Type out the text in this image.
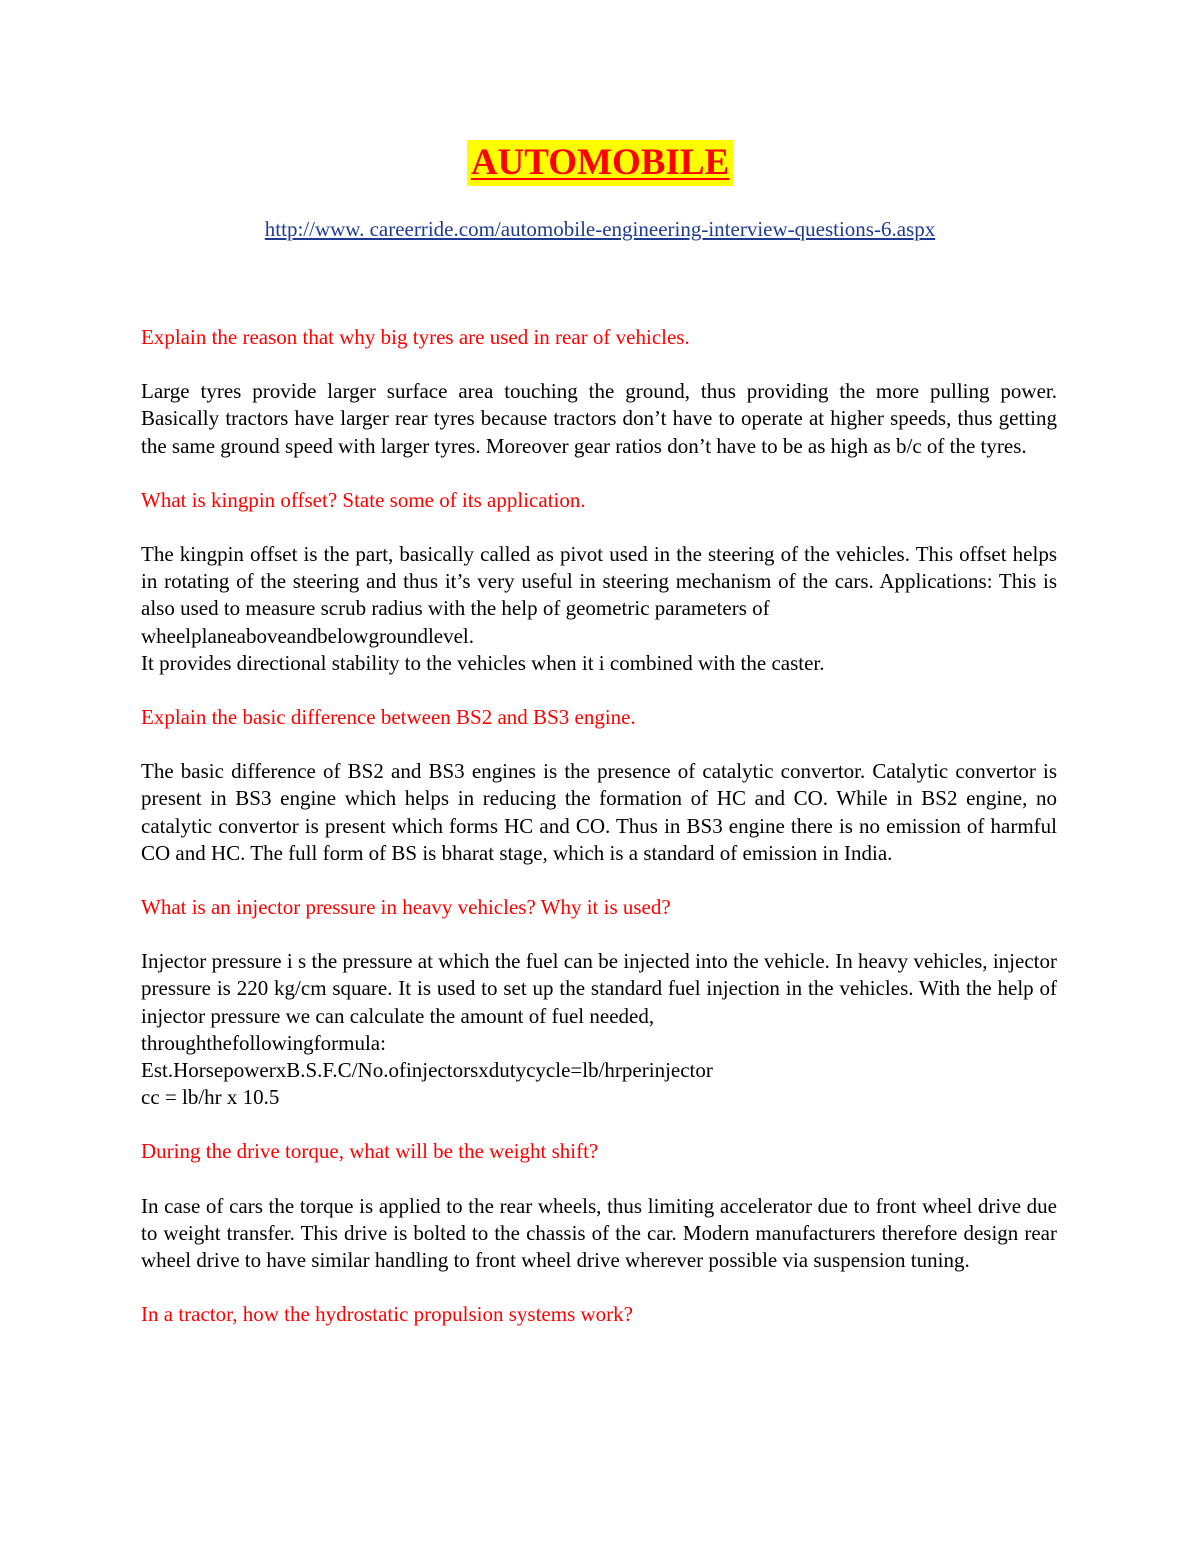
AUTOMOBILE
http://www. careerride.com/automobile-engineering-interview-questions-6.aspx
Explain the reason that why big tyres are used in rear of vehicles.
Large tyres provide larger surface area touching the ground, thus providing the more pulling power. Basically tractors have larger rear tyres because tractors don’t have to operate at higher speeds, thus getting the same ground speed with larger tyres. Moreover gear ratios don’t have to be as high as b/c of the tyres.
What is kingpin offset? State some of its application.
The kingpin offset is the part, basically called as pivot used in the steering of the vehicles. This offset helps in rotating of the steering and thus it’s very useful in steering mechanism of the cars. Applications: This is also used to measure scrub radius with the help of geometric parameters of
wheelplaneaboveandbelowgroundlevel.
It provides directional stability to the vehicles when it i combined with the caster.
Explain the basic difference between BS2 and BS3 engine.
The basic difference of BS2 and BS3 engines is the presence of catalytic convertor. Catalytic convertor is present in BS3 engine which helps in reducing the formation of HC and CO. While in BS2 engine, no catalytic convertor is present which forms HC and CO. Thus in BS3 engine there is no emission of harmful CO and HC. The full form of BS is bharat stage, which is a standard of emission in India.
What is an injector pressure in heavy vehicles? Why it is used?
Injector pressure i s the pressure at which the fuel can be injected into the vehicle. In heavy vehicles, injector pressure is 220 kg/cm square. It is used to set up the standard fuel injection in the vehicles. With the help of injector pressure we can calculate the amount of fuel needed,
throughthefollowingformula:
Est.HorsepowerxB.S.F.C/No.ofinjectorsxdutycycle=lb/hrperinjector
cc = lb/hr x 10.5
During the drive torque, what will be the weight shift?
In case of cars the torque is applied to the rear wheels, thus limiting accelerator due to front wheel drive due to weight transfer. This drive is bolted to the chassis of the car. Modern manufacturers therefore design rear wheel drive to have similar handling to front wheel drive wherever possible via suspension tuning.
In a tractor, how the hydrostatic propulsion systems work?
